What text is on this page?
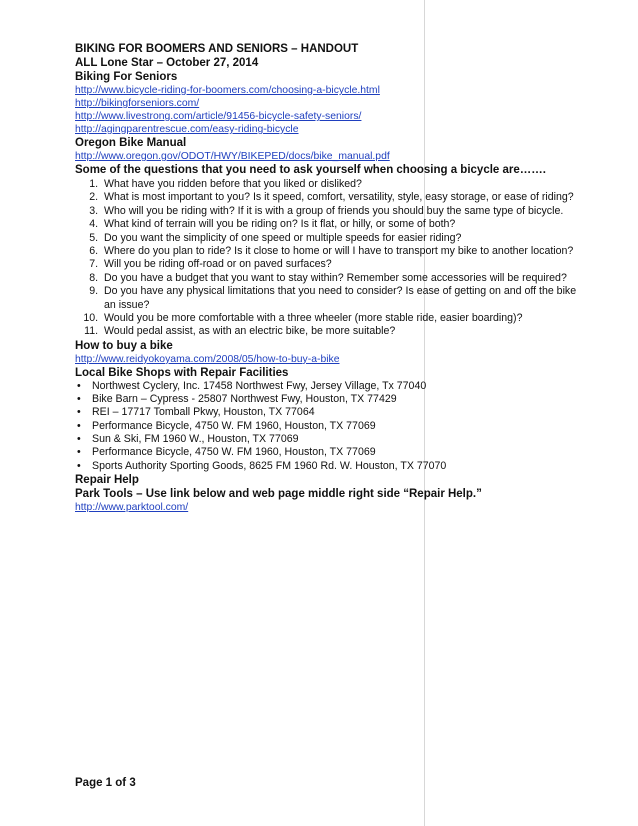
BIKING FOR BOOMERS AND SENIORS – HANDOUT

ALL Lone Star – October 27, 2014

Biking For Seniors
http://www.bicycle-riding-for-boomers.com/choosing-a-bicycle.html
http://bikingforseniors.com/
http://www.livestrong.com/article/91456-bicycle-safety-seniors/
http://agingparentrescue.com/easy-riding-bicycle
Oregon Bike Manual
http://www.oregon.gov/ODOT/HWY/BIKEPED/docs/bike_manual.pdf
Some of the questions that you need to ask yourself when choosing a bicycle are…….
1. What have you ridden before that you liked or disliked?
2. What is most important to you? Is it speed, comfort, versatility, style, easy storage, or ease of riding?
3. Who will you be riding with? If it is with a group of friends you should buy the same type of bicycle.
4. What kind of terrain will you be riding on? Is it flat, or hilly, or some of both?
5. Do you want the simplicity of one speed or multiple speeds for easier riding?
6. Where do you plan to ride? Is it close to home or will I have to transport my bike to another location?
7. Will you be riding off-road or on paved surfaces?
8. Do you have a budget that you want to stay within? Remember some accessories will be required?
9. Do you have any physical limitations that you need to consider? Is ease of getting on and off the bike an issue?
10. Would you be more comfortable with a three wheeler (more stable ride, easier boarding)?
11. Would pedal assist, as with an electric bike, be more suitable?
How to buy a bike
http://www.reidyokoyama.com/2008/05/how-to-buy-a-bike
Local Bike Shops with Repair Facilities
• Northwest Cyclery, Inc. 17458 Northwest Fwy, Jersey Village, Tx 77040
• Bike Barn – Cypress - 25807 Northwest Fwy, Houston, TX 77429
• REI – 17717 Tomball Pkwy, Houston, TX 77064
• Performance Bicycle, 4750 W. FM 1960, Houston, TX 77069
• Sun & Ski, FM 1960 W., Houston, TX 77069
• Performance Bicycle, 4750 W. FM 1960, Houston, TX 77069
• Sports Authority Sporting Goods, 8625 FM 1960 Rd. W. Houston, TX 77070
Repair Help
Park Tools – Use link below and web page middle right side “Repair Help.”
http://www.parktool.com/
Page 1 of 3
